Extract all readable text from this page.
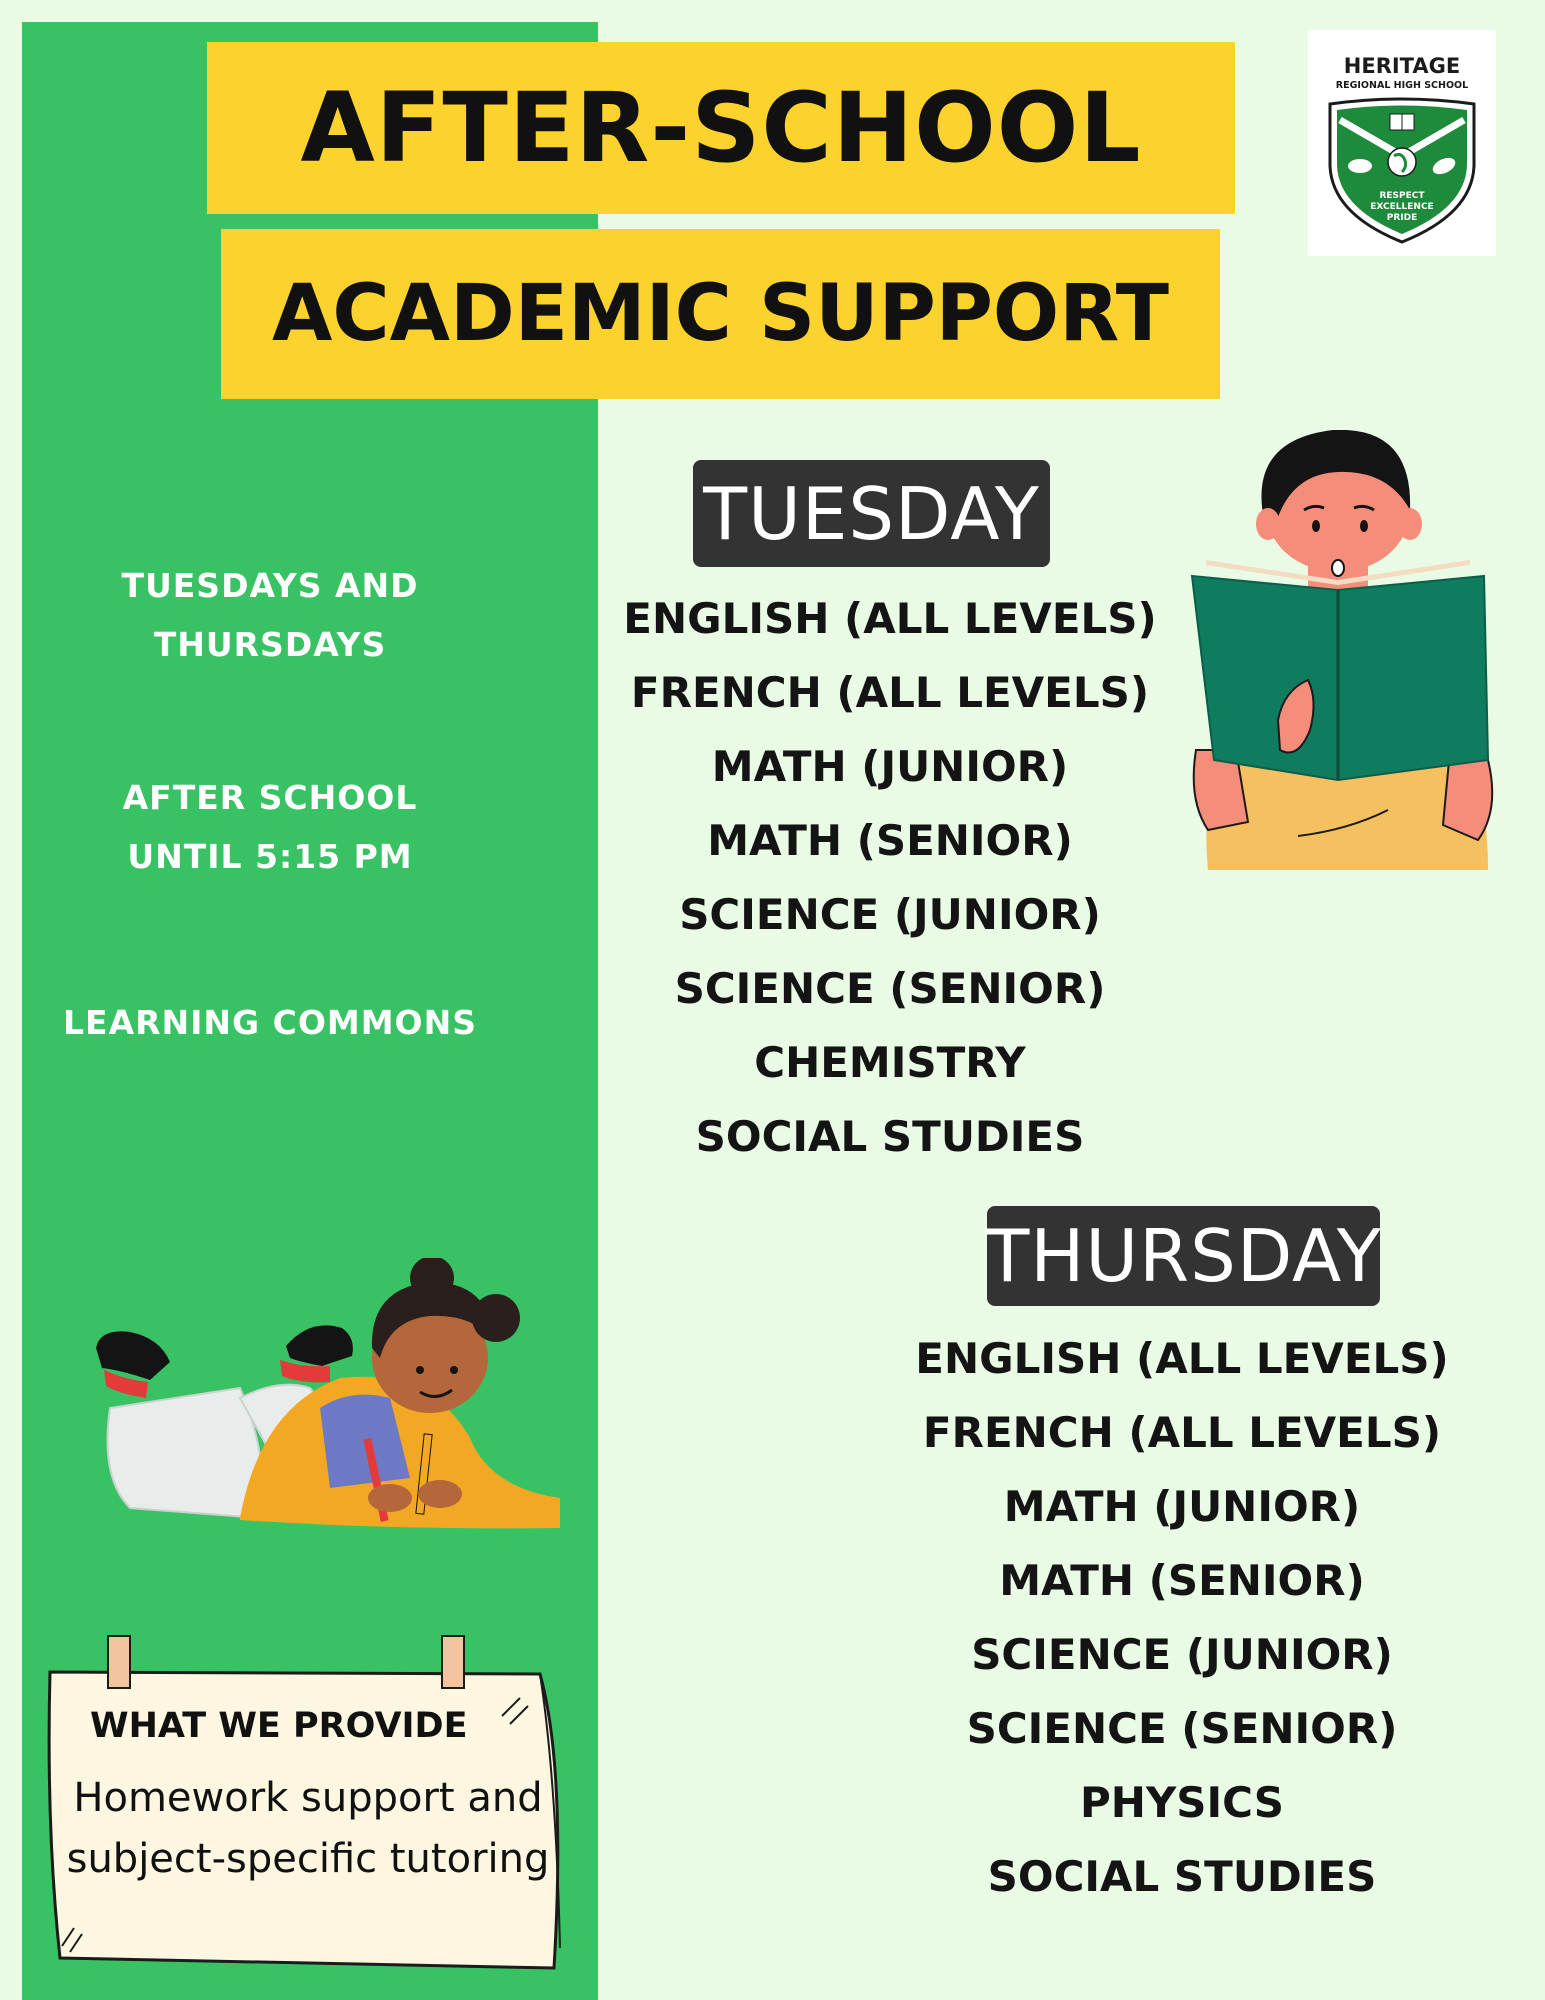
AFTER-SCHOOL
ACADEMIC SUPPORT
HERITAGE
REGIONAL HIGH SCHOOL
RESPECT
EXCELLENCE
PRIDE
TUESDAYS AND THURSDAYS
AFTER SCHOOL UNTIL 5:15 PM
LEARNING COMMONS
TUESDAY
ENGLISH (ALL LEVELS)
FRENCH (ALL LEVELS)
MATH (JUNIOR)
MATH (SENIOR)
SCIENCE (JUNIOR)
SCIENCE (SENIOR)
CHEMISTRY
SOCIAL STUDIES
THURSDAY
ENGLISH (ALL LEVELS)
FRENCH (ALL LEVELS)
MATH (JUNIOR)
MATH (SENIOR)
SCIENCE (JUNIOR)
SCIENCE (SENIOR)
PHYSICS
SOCIAL STUDIES
WHAT WE PROVIDE
Homework support and subject-specific tutoring
